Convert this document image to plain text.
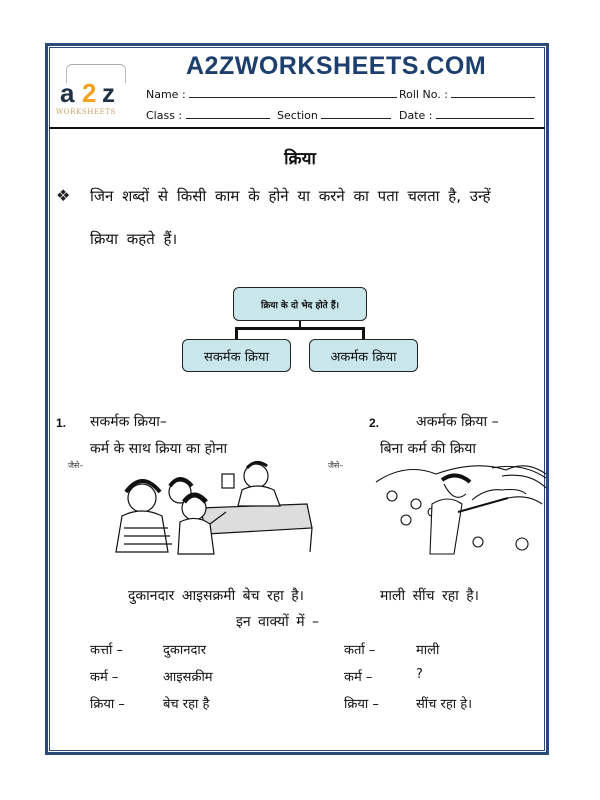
a 2 z
WORKSHEETS
A2ZWORKSHEETS.COM
Name :	Roll No. :
Class :	Section	Date :
क्रिया
❖ जिन शब्दों से किसी काम के होने या करने का पता चलता है, उन्हें
क्रिया कहते हैं।
क्रिया के दो भेद होते हैं।
सकर्मक क्रिया	अकर्मक क्रिया
1. सकर्मक क्रिया–
कर्म के साथ क्रिया का होना
जैसे–
2.	अकर्मक क्रिया –
बिना कर्म की क्रिया
जैसे–
दुकानदार आइसक्रमी बेच रहा है।	माली सींच रहा है।
इन वाक्यों में –
कर्त्ता –	दुकानदार
कर्म –	आइसक्रीम
क्रिया –	बेच रहा है
कर्ता –	माली
कर्म –	?
क्रिया –	सींच रहा हे।
